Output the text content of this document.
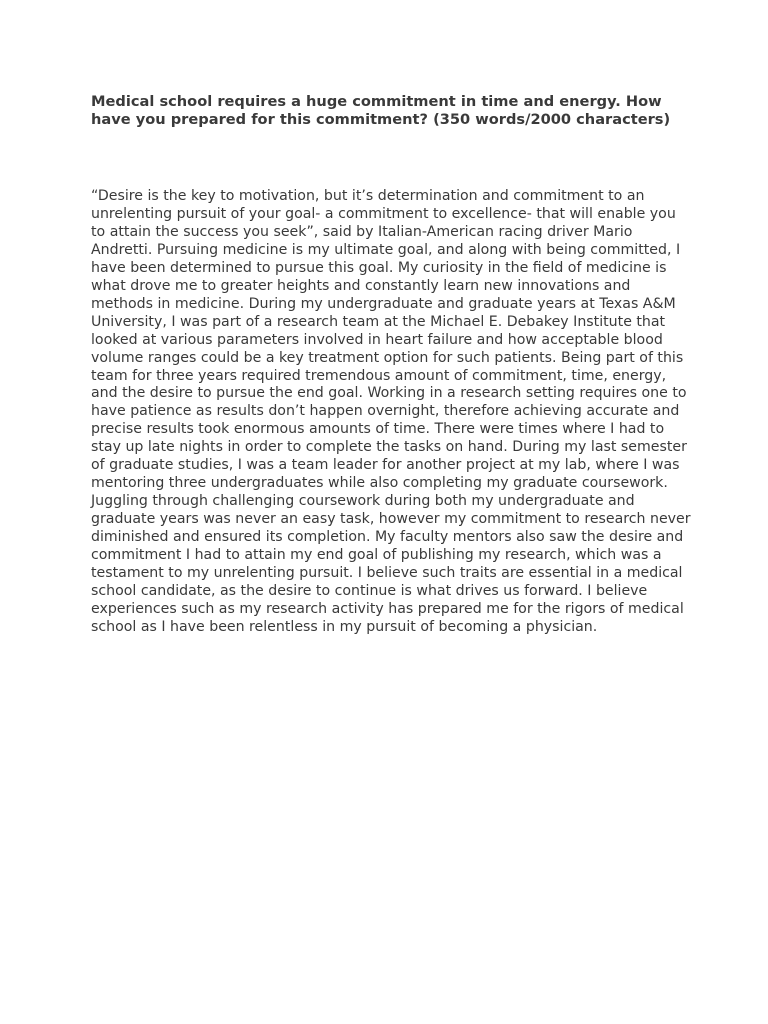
Medical school requires a huge commitment in time and energy. How have you prepared for this commitment? (350 words/2000 characters)

“Desire is the key to motivation, but it’s determination and commitment to an unrelenting pursuit of your goal- a commitment to excellence- that will enable you to attain the success you seek”, said by Italian-American racing driver Mario Andretti. Pursuing medicine is my ultimate goal, and along with being committed, I have been determined to pursue this goal. My curiosity in the field of medicine is what drove me to greater heights and constantly learn new innovations and methods in medicine. During my undergraduate and graduate years at Texas A&M University, I was part of a research team at the Michael E. Debakey Institute that looked at various parameters involved in heart failure and how acceptable blood volume ranges could be a key treatment option for such patients. Being part of this team for three years required tremendous amount of commitment, time, energy, and the desire to pursue the end goal. Working in a research setting requires one to have patience as results don’t happen overnight, therefore achieving accurate and precise results took enormous amounts of time. There were times where I had to stay up late nights in order to complete the tasks on hand. During my last semester of graduate studies, I was a team leader for another project at my lab, where I was mentoring three undergraduates while also completing my graduate coursework. Juggling through challenging coursework during both my undergraduate and graduate years was never an easy task, however my commitment to research never diminished and ensured its completion. My faculty mentors also saw the desire and commitment I had to attain my end goal of publishing my research, which was a testament to my unrelenting pursuit. I believe such traits are essential in a medical school candidate, as the desire to continue is what drives us forward. I believe experiences such as my research activity has prepared me for the rigors of medical school as I have been relentless in my pursuit of becoming a physician.
